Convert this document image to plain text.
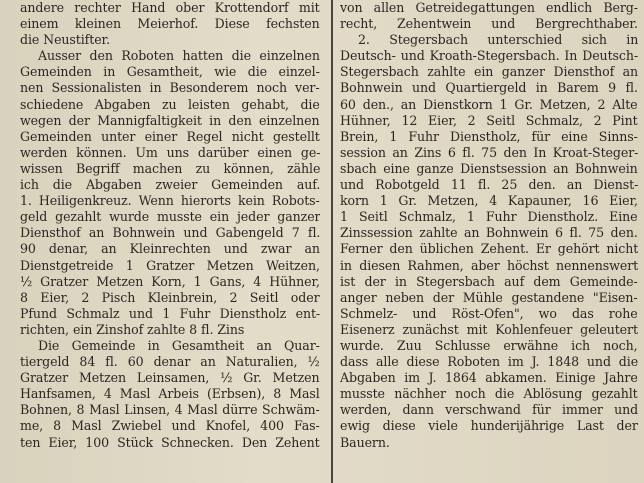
andere rechter Hand ober Krottendorf mit
einem kleinen Meierhof. Diese fechsten
die Neustifter.
Ausser den Roboten hatten die einzelnen
Gemeinden in Gesamtheit, wie die einzel-
nen Sessionalisten in Besonderem noch ver-
schiedene Abgaben zu leisten gehabt, die
wegen der Mannigfaltigkeit in den einzelnen
Gemeinden unter einer Regel nicht gestellt
werden können. Um uns darüber einen ge-
wissen Begriff machen zu können, zähle
ich die Abgaben zweier Gemeinden auf.
1. Heiligenkreuz. Wenn hierorts kein Robots-
geld gezahlt wurde musste ein jeder ganzer
Diensthof an Bohnwein und Gabengeld 7 fl.
90 denar, an Kleinrechten und zwar an
Dienstgetreide 1 Gratzer Metzen Weitzen,
½ Gratzer Metzen Korn, 1 Gans, 4 Hühner,
8 Eier, 2 Pisch Kleinbrein, 2 Seitl oder
Pfund Schmalz und 1 Fuhr Dienstholz ent-
richten, ein Zinshof zahlte 8 fl. Zins
Die Gemeinde in Gesamtheit an Quar-
tiergeld 84 fl. 60 denar an Naturalien, ½
Gratzer Metzen Leinsamen, ½ Gr. Metzen
Hanfsamen, 4 Masl Arbeis (Erbsen), 8 Masl
Bohnen, 8 Masl Linsen, 4 Masl dürre Schwäm-
me, 8 Masl Zwiebel und Knofel, 400 Fas-
ten Eier, 100 Stück Schnecken. Den Zehent
von allen Getreidegattungen endlich Berg-
recht, Zehentwein und Bergrechthaber.
2. Stegersbach unterschied sich in
Deutsch- und Kroath-Stegersbach. In Deutsch-
Stegersbach zahlte ein ganzer Diensthof an
Bohnwein und Quartiergeld in Barem 9 fl.
60 den., an Dienstkorn 1 Gr. Metzen, 2 Alte
Hühner, 12 Eier, 2 Seitl Schmalz, 2 Pint
Brein, 1 Fuhr Dienstholz, für eine Sinns-
session an Zins 6 fl. 75 den In Kroat-Steger-
sbach eine ganze Dienstsession an Bohnwein
und Robotgeld 11 fl. 25 den. an Dienst-
korn 1 Gr. Metzen, 4 Kapauner, 16 Eier,
1 Seitl Schmalz, 1 Fuhr Dienstholz. Eine
Zinssession zahlte an Bohnwein 6 fl. 75 den.
Ferner den üblichen Zehent. Er gehört nicht
in diesen Rahmen, aber höchst nennenswert
ist der in Stegersbach auf dem Gemeinde-
anger neben der Mühle gestandene "Eisen-
Schmelz- und Röst-Ofen", wo das rohe
Eisenerz zunächst mit Kohlenfeuer geleutert
wurde. Zuu Schlusse erwähne ich noch,
dass alle diese Roboten im J. 1848 und die
Abgaben im J. 1864 abkamen. Einige Jahre
musste nächher noch die Ablösung gezahlt
werden, dann verschwand für immer und
ewig diese viele hunderijährige Last der
Bauern.
